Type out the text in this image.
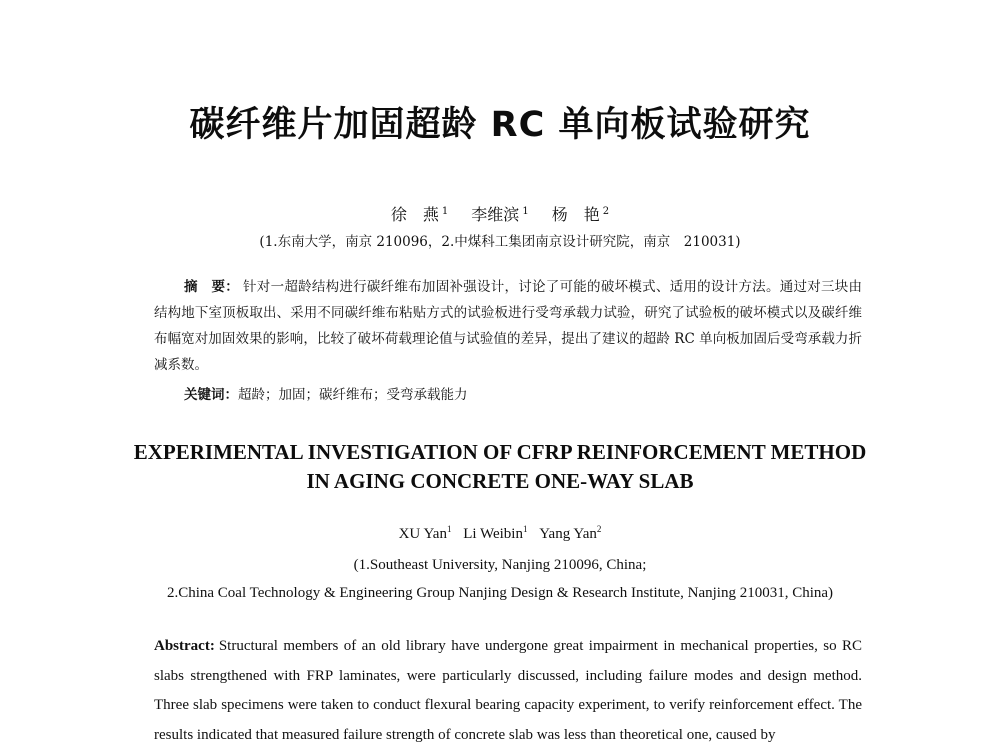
碳纤维片加固超龄 RC 单向板试验研究
徐　燕 $^1$ 李维滨 $^1$ 杨　艳 $^2$
(1.东南大学，南京 210096，2.中煤科工集团南京设计研究院，南京　210031)
摘　要： 针对一超龄结构进行碳纤维布加固补强设计，讨论了可能的破坏模式、适用的设计方法。通过对三块由结构地下室顶板取出、采用不同碳纤维布粘贴方式的试验板进行受弯承载力试验，研究了试验板的破坏模式以及碳纤维布幅宽对加固效果的影响，比较了破坏荷载理论值与试验值的差异，提出了建议的超龄 RC 单向板加固后受弯承载力折减系数。
关键词：超龄；加固；碳纤维布；受弯承载能力
EXPERIMENTAL INVESTIGATION OF CFRP REINFORCEMENT METHOD
IN AGING CONCRETE ONE-WAY SLAB
XU Yan$^1$ Li Weibin$^1$ Yang Yan$^2$
(1.Southeast University, Nanjing 210096, China;
2.China Coal Technology & Engineering Group Nanjing Design & Research Institute, Nanjing 210031, China)
Abstract: Structural members of an old library have undergone great impairment in mechanical properties, so RC slabs strengthened with FRP laminates, were particularly discussed, including failure modes and design method. Three slab specimens were taken to conduct flexural bearing capacity experiment, to verify reinforcement effect. The results indicated that measured failure strength of concrete slab was less than theoretical one, caused by
